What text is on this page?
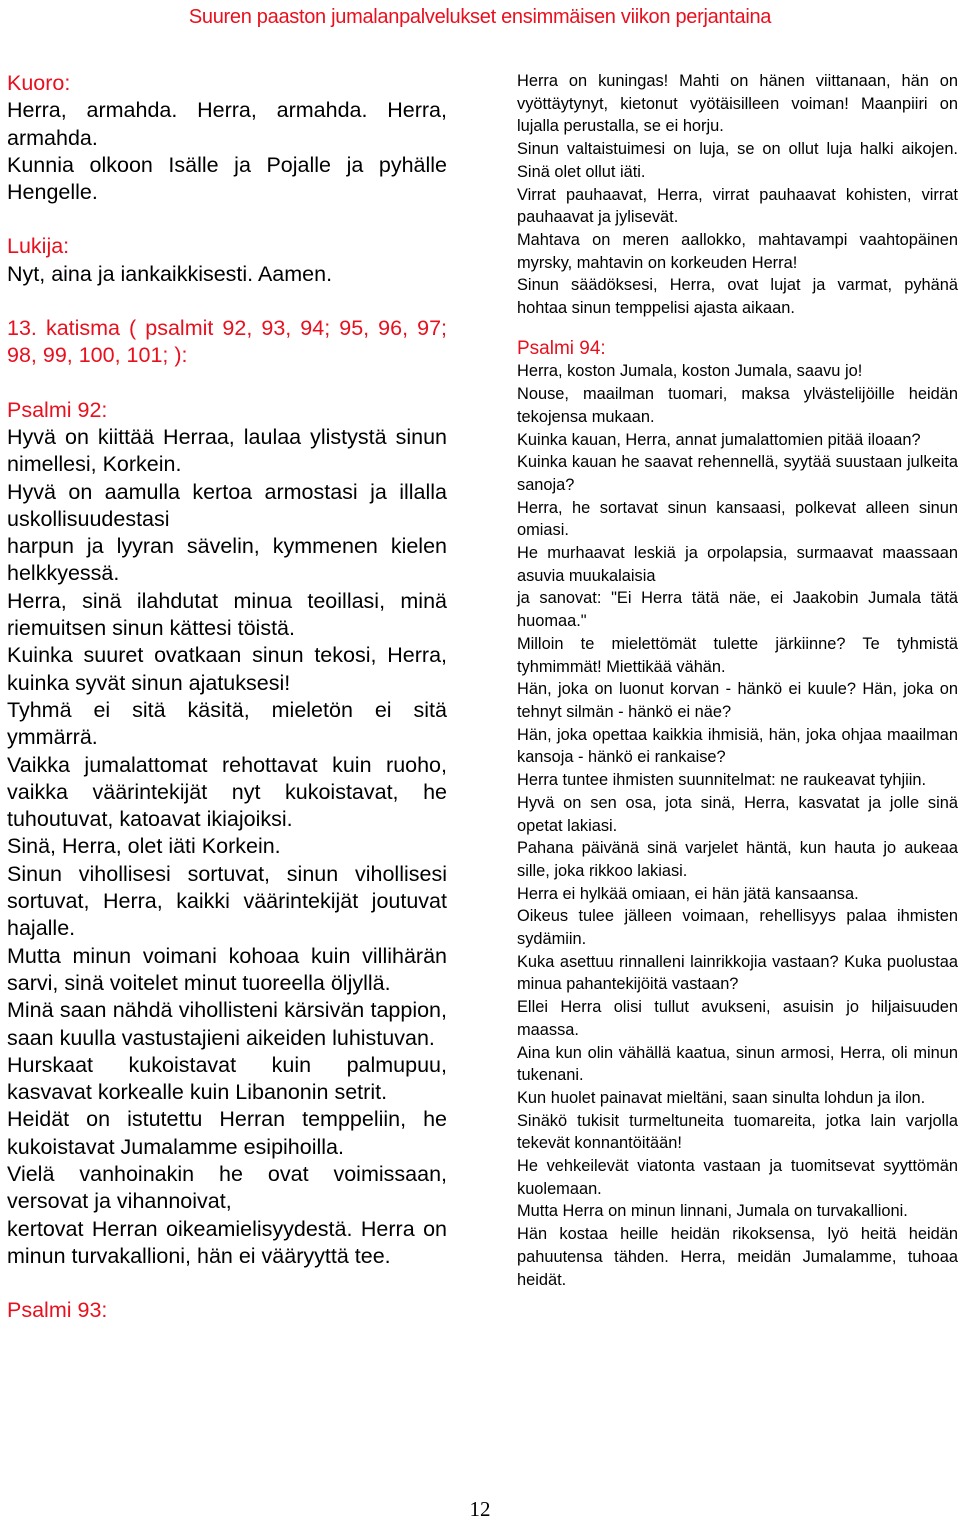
Suuren paaston jumalanpalvelukset ensimmäisen viikon perjantaina

Kuoro:

Herra, armahda. Herra, armahda. Herra, armahda.

Kunnia olkoon Isälle ja Pojalle ja pyhälle Hengelle.

Lukija:

Nyt, aina ja iankaikkisesti. Aamen.

13. katisma ( psalmit 92, 93, 94; 95, 96, 97; 98, 99, 100, 101; ):

Psalmi 92:

Hyvä on kiittää Herraa, laulaa ylistystä sinun nimellesi, Korkein.

Hyvä on aamulla kertoa armostasi ja illalla uskollisuudestasi

harpun ja lyyran sävelin, kymmenen kielen helkkyessä.

Herra, sinä ilahdutat minua teoillasi, minä riemuitsen sinun kättesi töistä.

Kuinka suuret ovatkaan sinun tekosi, Herra, kuinka syvät sinun ajatuksesi!

Tyhmä ei sitä käsitä, mieletön ei sitä ymmärrä.

Vaikka jumalattomat rehottavat kuin ruoho, vaikka väärintekijät nyt kukoistavat, he tuhoutuvat, katoavat ikiajoiksi.

Sinä, Herra, olet iäti Korkein.

Sinun vihollisesi sortuvat, sinun vihollisesi sortuvat, Herra, kaikki väärintekijät joutuvat hajalle.

Mutta minun voimani kohoaa kuin villihärän sarvi, sinä voitelet minut tuoreella öljyllä.

Minä saan nähdä vihollisteni kärsivän tappion, saan kuulla vastustajieni aikeiden luhistuvan.

Hurskaat kukoistavat kuin palmupuu, kasvavat korkealle kuin Libanonin setrit.

Heidät on istutettu Herran temppeliin, he kukoistavat Jumalamme esipihoilla.

Vielä vanhoinakin he ovat voimissaan, versovat ja vihannoivat,

kertovat Herran oikeamielisyydestä. Herra on minun turvakallioni, hän ei vääryyttä tee.

Psalmi 93:

Herra on kuningas! Mahti on hänen viittanaan, hän on vyöttäytynyt, kietonut vyötäisilleen voiman! Maanpiiri on lujalla perustalla, se ei horju.

Sinun valtaistuimesi on luja, se on ollut luja halki aikojen. Sinä olet ollut iäti.

Virrat pauhaavat, Herra, virrat pauhaavat kohisten, virrat pauhaavat ja jylisevät.

Mahtava on meren aallokko, mahtavampi vaahtopäinen myrsky, mahtavin on korkeuden Herra!

Sinun säädöksesi, Herra, ovat lujat ja varmat, pyhänä hohtaa sinun temppelisi ajasta aikaan.

Psalmi 94:

Herra, koston Jumala, koston Jumala, saavu jo!

Nouse, maailman tuomari, maksa ylvästelijöille heidän tekojensa mukaan.

Kuinka kauan, Herra, annat jumalattomien pitää iloaan?

Kuinka kauan he saavat rehennellä, syytää suustaan julkeita sanoja?

Herra, he sortavat sinun kansaasi, polkevat alleen sinun omiasi.

He murhaavat leskiä ja orpolapsia, surmaavat maassaan asuvia muukalaisia

ja sanovat: "Ei Herra tätä näe, ei Jaakobin Jumala tätä huomaa."

Milloin te mielettömät tulette järkiinne? Te tyhmistä tyhmimmät! Miettikää vähän.

Hän, joka on luonut korvan - hänkö ei kuule? Hän, joka on tehnyt silmän - hänkö ei näe?

Hän, joka opettaa kaikkia ihmisiä, hän, joka ohjaa maailman kansoja - hänkö ei rankaise?

Herra tuntee ihmisten suunnitelmat: ne raukeavat tyhjiin.

Hyvä on sen osa, jota sinä, Herra, kasvatat ja jolle sinä opetat lakiasi.

Pahana päivänä sinä varjelet häntä, kun hauta jo aukeaa sille, joka rikkoo lakiasi.

Herra ei hylkää omiaan, ei hän jätä kansaansa.

Oikeus tulee jälleen voimaan, rehellisyys palaa ihmisten sydämiin.

Kuka asettuu rinnalleni lainrikkojia vastaan? Kuka puolustaa minua pahantekijöitä vastaan?

Ellei Herra olisi tullut avukseni, asuisin jo hiljaisuuden maassa.

Aina kun olin vähällä kaatua, sinun armosi, Herra, oli minun tukenani.

Kun huolet painavat mieltäni, saan sinulta lohdun ja ilon.

Sinäkö tukisit turmeltuneita tuomareita, jotka lain varjolla tekevät konnantöitään!

He vehkeilevät viatonta vastaan ja tuomitsevat syyttömän kuolemaan.

Mutta Herra on minun linnani, Jumala on turvakallioni.

Hän kostaa heille heidän rikoksensa, lyö heitä heidän pahuutensa tähden. Herra, meidän Jumalamme, tuhoaa heidät.

12
